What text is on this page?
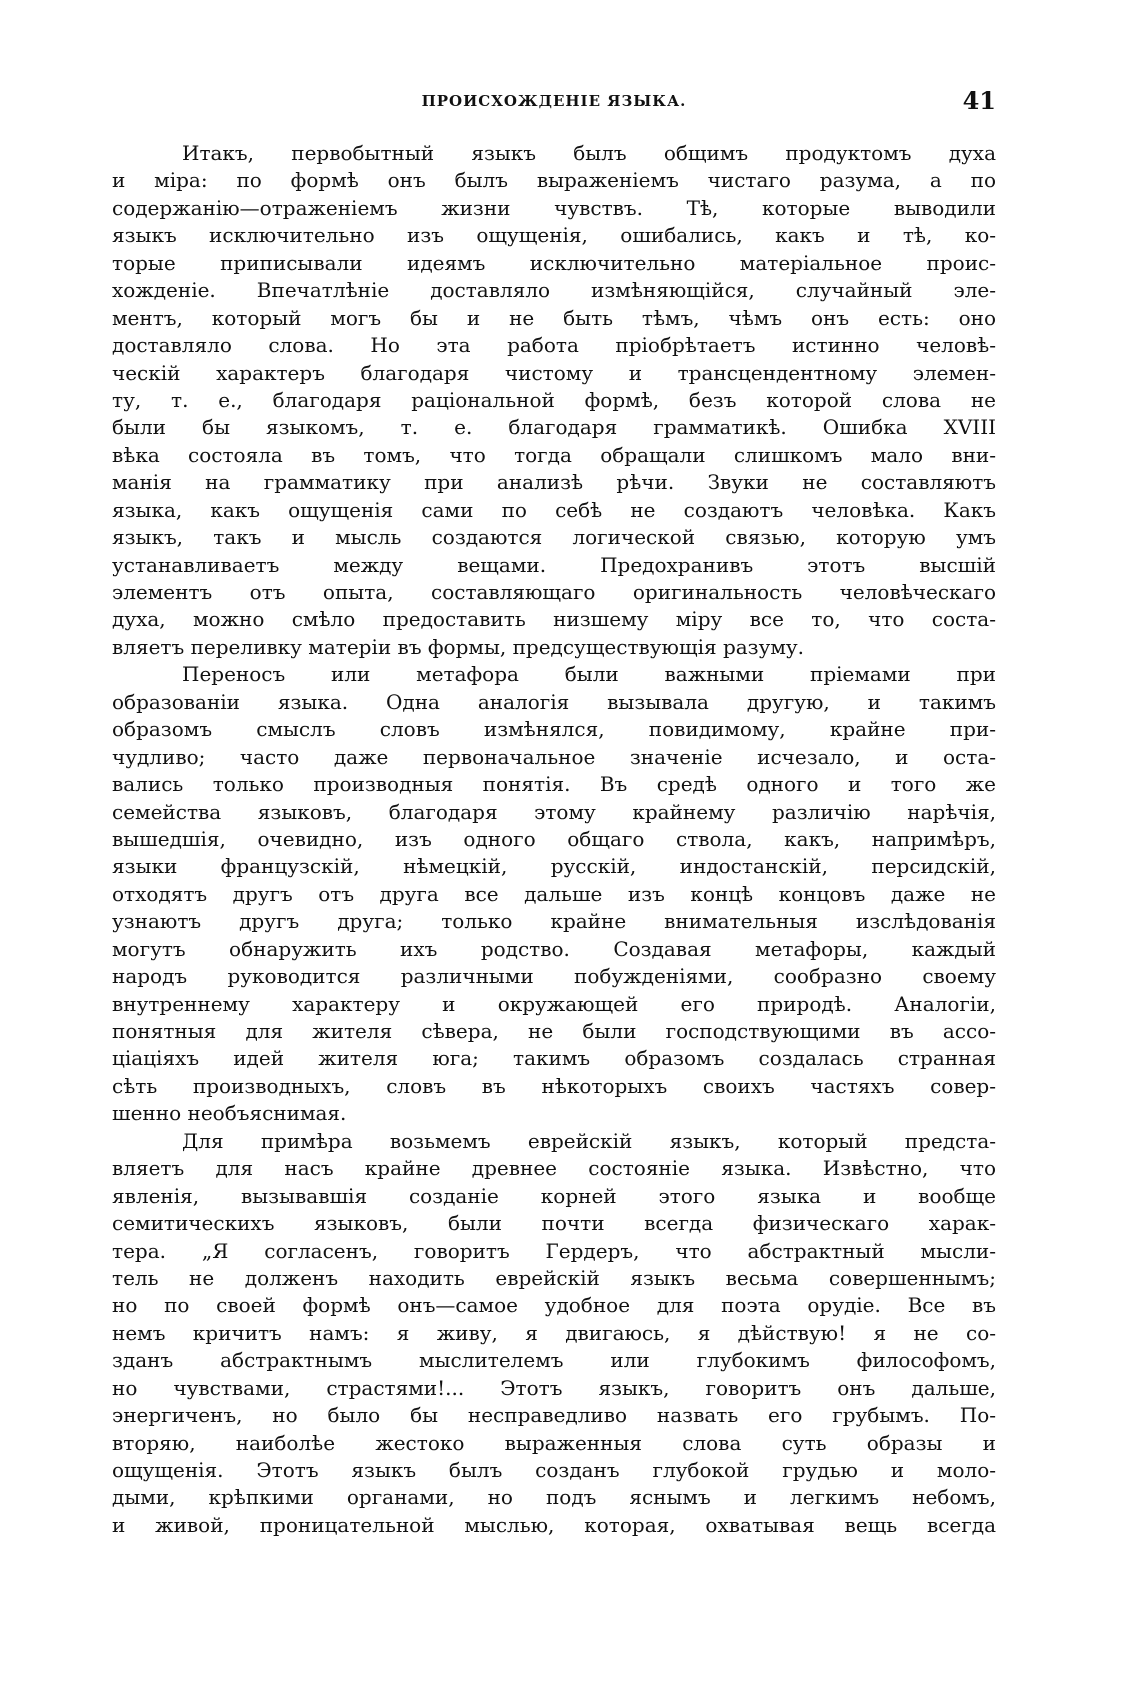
ПРОИСХОЖДЕНІЕ ЯЗЫКА.	41
Итакъ, первобытный языкъ былъ общимъ продуктомъ духа
и міра: по формѣ онъ былъ выраженіемъ чистаго разума, а по
содержанію—отраженіемъ жизни чувствъ. Тѣ, которые выводили
языкъ исключительно изъ ощущенія, ошибались, какъ и тѣ, ко-
торые приписывали идеямъ исключительно матеріальное проис-
хожденіе. Впечатлѣніе доставляло измѣняющійся, случайный эле-
ментъ, который могъ бы и не быть тѣмъ, чѣмъ онъ есть: оно
доставляло слова. Но эта работа пріобрѣтаетъ истинно человѣ-
ческій характеръ благодаря чистому и трансцендентному элемен-
ту, т. е., благодаря раціональной формѣ, безъ которой слова не
были бы языкомъ, т. е. благодаря грамматикѣ. Ошибка XVIII
вѣка состояла въ томъ, что тогда обращали слишкомъ мало вни-
манія на грамматику при анализѣ рѣчи. Звуки не составляютъ
языка, какъ ощущенія сами по себѣ не создаютъ человѣка. Какъ
языкъ, такъ и мысль создаются логической связью, которую умъ
устанавливаетъ между вещами. Предохранивъ этотъ высшій
элементъ отъ опыта, составляющаго оригинальность человѣческаго
духа, можно смѣло предоставить низшему міру все то, что соста-
вляетъ переливку матеріи въ формы, предсуществующія разуму.
Переносъ или метафора были важными пріемами при
образованіи языка. Одна аналогія вызывала другую, и такимъ
образомъ смыслъ словъ измѣнялся, повидимому, крайне при-
чудливо; часто даже первоначальное значеніе исчезало, и оста-
вались только производныя понятія. Въ средѣ одного и того же
семейства языковъ, благодаря этому крайнему различію нарѣчія,
вышедшія, очевидно, изъ одного общаго ствола, какъ, напримѣръ,
языки французскій, нѣмецкій, русскій, индостанскій, персидскій,
отходятъ другъ отъ друга все дальше изъ концѣ концовъ даже не
узнаютъ другъ друга; только крайне внимательныя изслѣдованія
могутъ обнаружить ихъ родство. Создавая метафоры, каждый
народъ руководится различными побужденіями, сообразно своему
внутреннему характеру и окружающей его природѣ. Аналогіи,
понятныя для жителя сѣвера, не были господствующими въ ассо-
ціаціяхъ идей жителя юга; такимъ образомъ создалась странная
сѣть производныхъ, словъ въ нѣкоторыхъ своихъ частяхъ совер-
шенно необъяснимая.
Для примѣра возьмемъ еврейскій языкъ, который предста-
вляетъ для насъ крайне древнее состояніе языка. Извѣстно, что
явленія, вызывавшія созданіе корней этого языка и вообще
семитическихъ языковъ, были почти всегда физическаго харак-
тера. „Я согласенъ, говоритъ Гердеръ, что абстрактный мысли-
тель не долженъ находить еврейскій языкъ весьма совершеннымъ;
но по своей формѣ онъ—самое удобное для поэта орудіе. Все въ
немъ кричитъ намъ: я живу, я двигаюсь, я дѣйствую! я не со-
зданъ абстрактнымъ мыслителемъ или глубокимъ философомъ,
но чувствами, страстями!... Этотъ языкъ, говоритъ онъ дальше,
энергиченъ, но было бы несправедливо назвать его грубымъ. По-
вторяю, наиболѣе жестоко выраженныя слова суть образы и
ощущенія. Этотъ языкъ былъ созданъ глубокой грудью и моло-
дыми, крѣпкими органами, но подъ яснымъ и легкимъ небомъ,
и живой, проницательной мыслью, которая, охватывая вещь всегда
